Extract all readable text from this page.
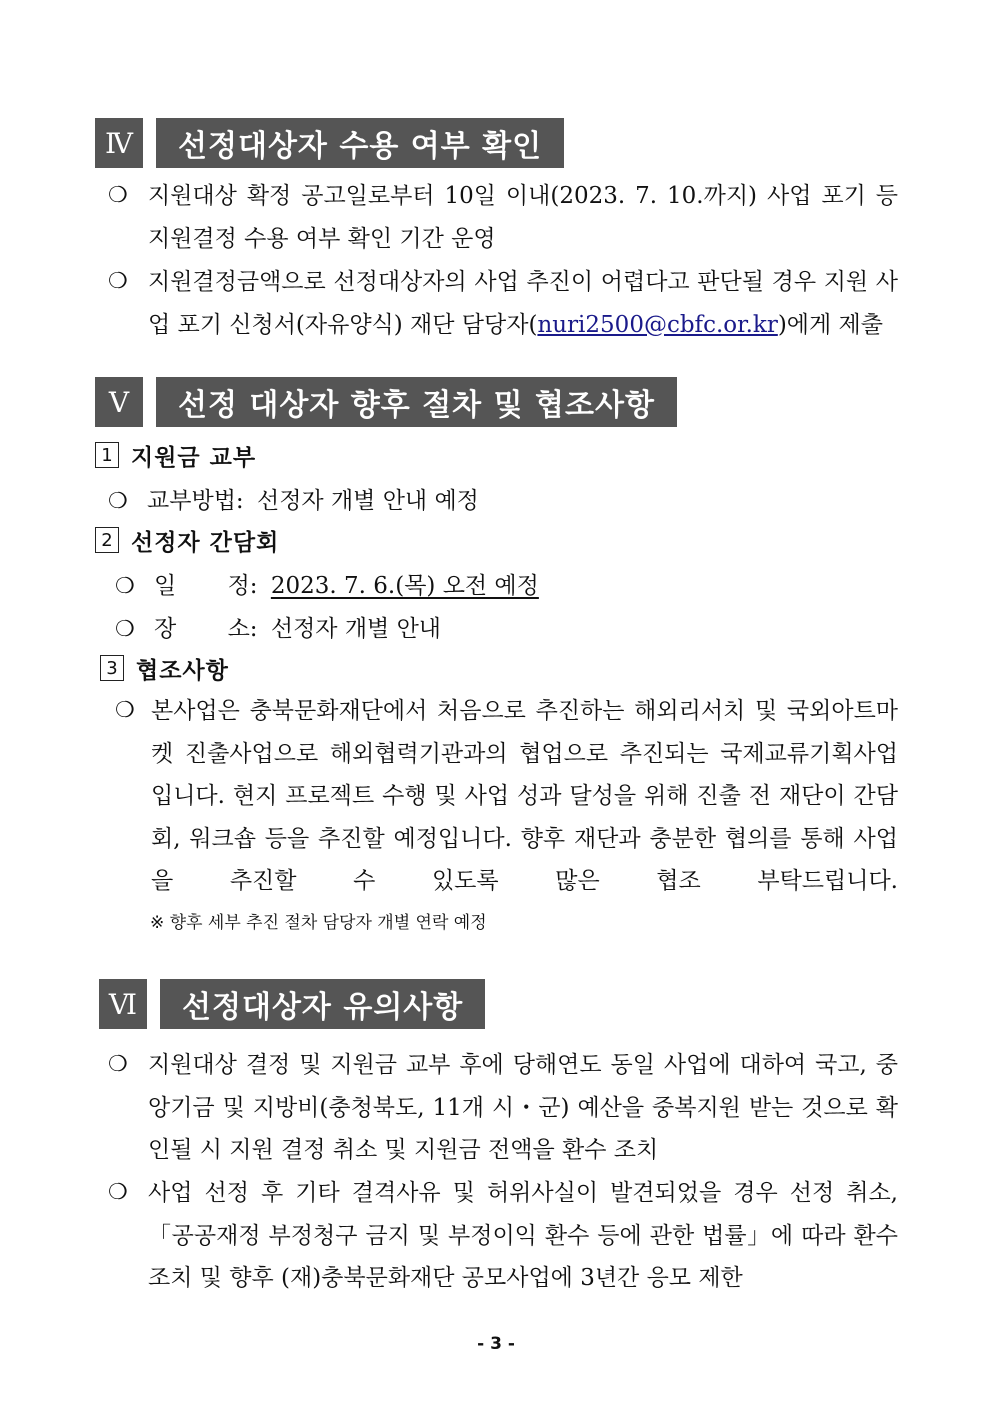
Ⅳ	선정대상자 수용 여부 확인
❍ 지원대상 확정 공고일로부터 10일 이내(2023. 7. 10.까지) 사업 포기 등 지원결정 수용 여부 확인 기간 운영
❍ 지원결정금액으로 선정대상자의 사업 추진이 어렵다고 판단될 경우 지원 사업 포기 신청서(자유양식) 재단 담당자(nuri2500@cbfc.or.kr)에게 제출
Ⅴ	선정 대상자 향후 절차 및 협조사항
1 지원금 교부
❍ 교부방법: 선정자 개별 안내 예정
2 선정자 간담회
❍ 일 정: 2023. 7. 6.(목) 오전 예정
❍ 장 소: 선정자 개별 안내
3 협조사항
❍ 본사업은 충북문화재단에서 처음으로 추진하는 해외리서치 및 국외아트마켓 진출사업으로 해외협력기관과의 협업으로 추진되는 국제교류기획사업입니다. 현지 프로젝트 수행 및 사업 성과 달성을 위해 진출 전 재단이 간담회, 워크숍 등을 추진할 예정입니다. 향후 재단과 충분한 협의를 통해 사업을 추진할 수 있도록 많은 협조 부탁드립니다.
※ 향후 세부 추진 절차 담당자 개별 연락 예정
Ⅵ	선정대상자 유의사항
❍ 지원대상 결정 및 지원금 교부 후에 당해연도 동일 사업에 대하여 국고, 중앙기금 및 지방비(충청북도, 11개 시・군) 예산을 중복지원 받는 것으로 확인될 시 지원 결정 취소 및 지원금 전액을 환수 조치
❍ 사업 선정 후 기타 결격사유 및 허위사실이 발견되었을 경우 선정 취소, 「공공재정 부정청구 금지 및 부정이익 환수 등에 관한 법률」에 따라 환수 조치 및 향후 (재)충북문화재단 공모사업에 3년간 응모 제한
- 3 -
